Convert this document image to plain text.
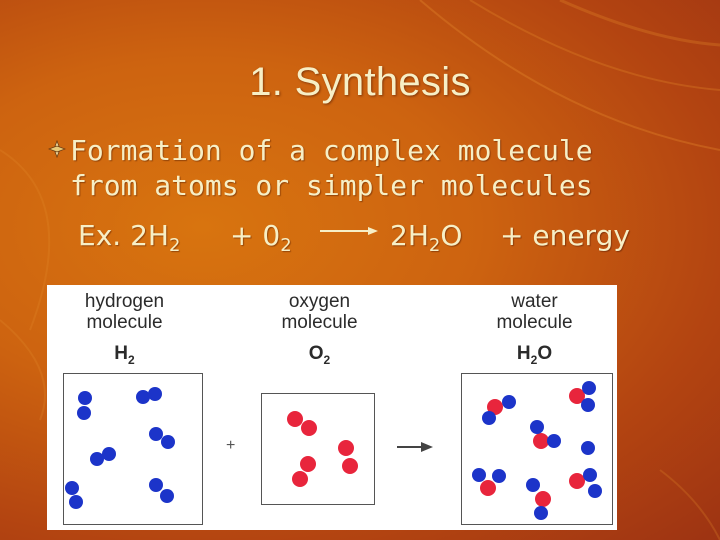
1. Synthesis
Formation of a complex molecule
from atoms or simpler molecules
Ex. $2H_2 + 0_2 \to 2H_2O$ + energy
hydrogen
molecule
$H_2$
oxygen
molecule
$O_2$
water
molecule
$H_2O$
+
